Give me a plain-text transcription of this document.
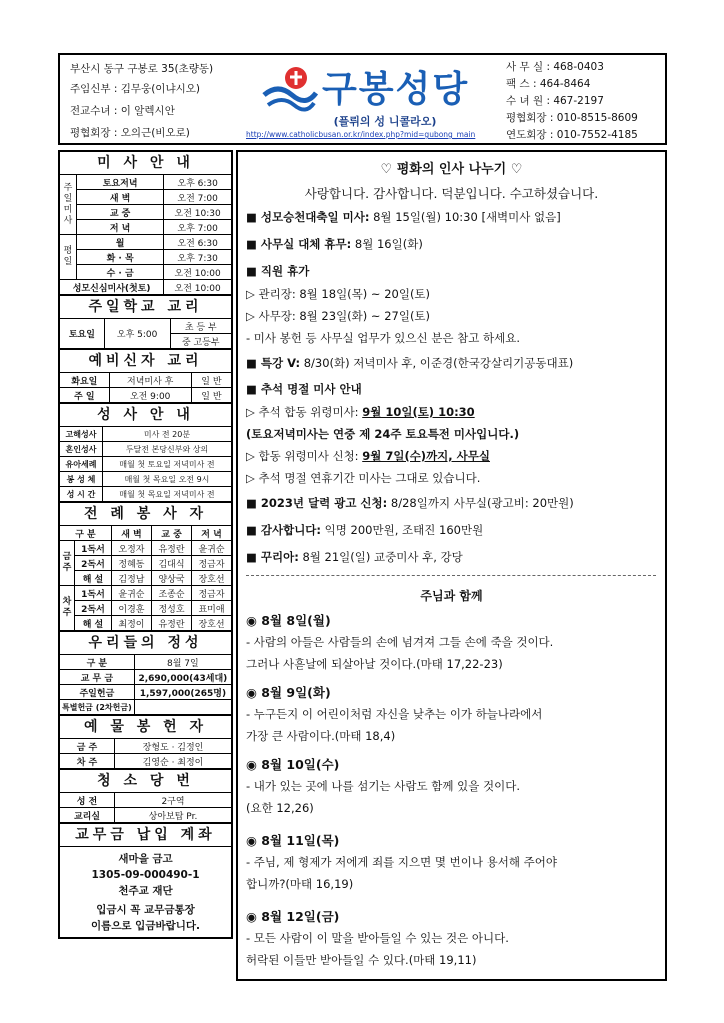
부산시 동구 구봉로 35(초량동)
주임신부 : 김무웅(이냐시오)
전교수녀 : 이 알렉시안
평협회장 : 오의근(비오로)
구봉성당
(플뤼의 성 니콜라오)
http://www.catholicbusan.or.kr/index.php?mid=gubong_main
사 무 실 : 468-0403
팩 스 : 464-8464
수 녀 원 : 467-2197
평협회장 : 010-8515-8609
연도회장 : 010-7552-4185
미 사 안 내
주일미사	토요저녁	오후 6:30
	새 벽	오전 7:00
	교 중	오전 10:30
	저 녁	오후 7:00
평일	월	오전 6:30
	화 · 목	오후 7:30
	수 · 금	오전 10:00
성모신심미사(첫토)		오전 10:00
주일학교 교리
토요일	오후 5:00	초 등 부
중 고등부
예비신자 교리
화요일	저녁미사 후	일 반
주 일	오전 9:00	일 반
성 사 안 내
고해성사	미사 전 20분
혼인성사	두달전 본당신부와 상의
유아세례	매월 첫 토요일 저녁미사 전
봉 성 체	매월 첫 목요일 오전 9시
성 시 간	매월 첫 목요일 저녁미사 전
전 례 봉 사 자
구 분		새 벽	교 중	저 녁
금주	1독서	오정자	유정란	윤귀순
	2독서	정혜동	김대식	정금자
	해 설	김정남	양상국	장호선
차주	1독서	윤귀순	조종순	정금자
	2독서	이경훈	정성호	표미애
	해 설	최정이	유정란	장호선
우리들의 정성
구 분	8월 7일
교 무 금	2,690,000(43세대)
주일헌금	1,597,000(265명)
특별헌금 (2차헌금)	
예 물 봉 헌 자
금 주	장형도 · 김정인
차 주	김영순 · 최정이
청 소 당 번
성 전	2구역
교리실	상아보탑 Pr.
교무금 납입 계좌
새마을 금고
1305-09-000490-1
천주교 재단
입금시 꼭 교무금통장
이름으로 입금바랍니다.
♡ 평화의 인사 나누기 ♡
사랑합니다. 감사합니다. 덕분입니다. 수고하셨습니다.
■ 성모승천대축일 미사: 8월 15일(월) 10:30 [새벽미사 없음]
■ 사무실 대체 휴무: 8월 16일(화)
■ 직원 휴가
▷ 관리장: 8월 18일(목) ~ 20일(토)
▷ 사무장: 8월 23일(화) ~ 27일(토)
- 미사 봉헌 등 사무실 업무가 있으신 분은 참고 하세요.
■ 특강 V: 8/30(화) 저녁미사 후, 이준경(한국강살리기공동대표)
■ 추석 명절 미사 안내
▷ 추석 합동 위령미사: 9월 10일(토) 10:30
(토요저녁미사는 연중 제 24주 토요특전 미사입니다.)
▷ 합동 위령미사 신청: 9월 7일(수)까지, 사무실
▷ 추석 명절 연휴기간 미사는 그대로 있습니다.
■ 2023년 달력 광고 신청: 8/28일까지 사무실(광고비: 20만원)
■ 감사합니다: 익명 200만원, 조태진 160만원
■ 꾸리아: 8월 21일(일) 교중미사 후, 강당
주님과 함께
◉ 8월 8일(월)
- 사람의 아들은 사람들의 손에 넘겨져 그들 손에 죽을 것이다.
그러나 사흗날에 되살아날 것이다.(마태 17,22-23)
◉ 8월 9일(화)
- 누구든지 이 어린이처럼 자신을 낮추는 이가 하늘나라에서
가장 큰 사람이다.(마태 18,4)
◉ 8월 10일(수)
- 내가 있는 곳에 나를 섬기는 사람도 함께 있을 것이다.
(요한 12,26)
◉ 8월 11일(목)
- 주님, 제 형제가 저에게 죄를 지으면 몇 번이나 용서해 주어야
합니까?(마태 16,19)
◉ 8월 12일(금)
- 모든 사람이 이 말을 받아들일 수 있는 것은 아니다.
허락된 이들만 받아들일 수 있다.(마태 19,11)
